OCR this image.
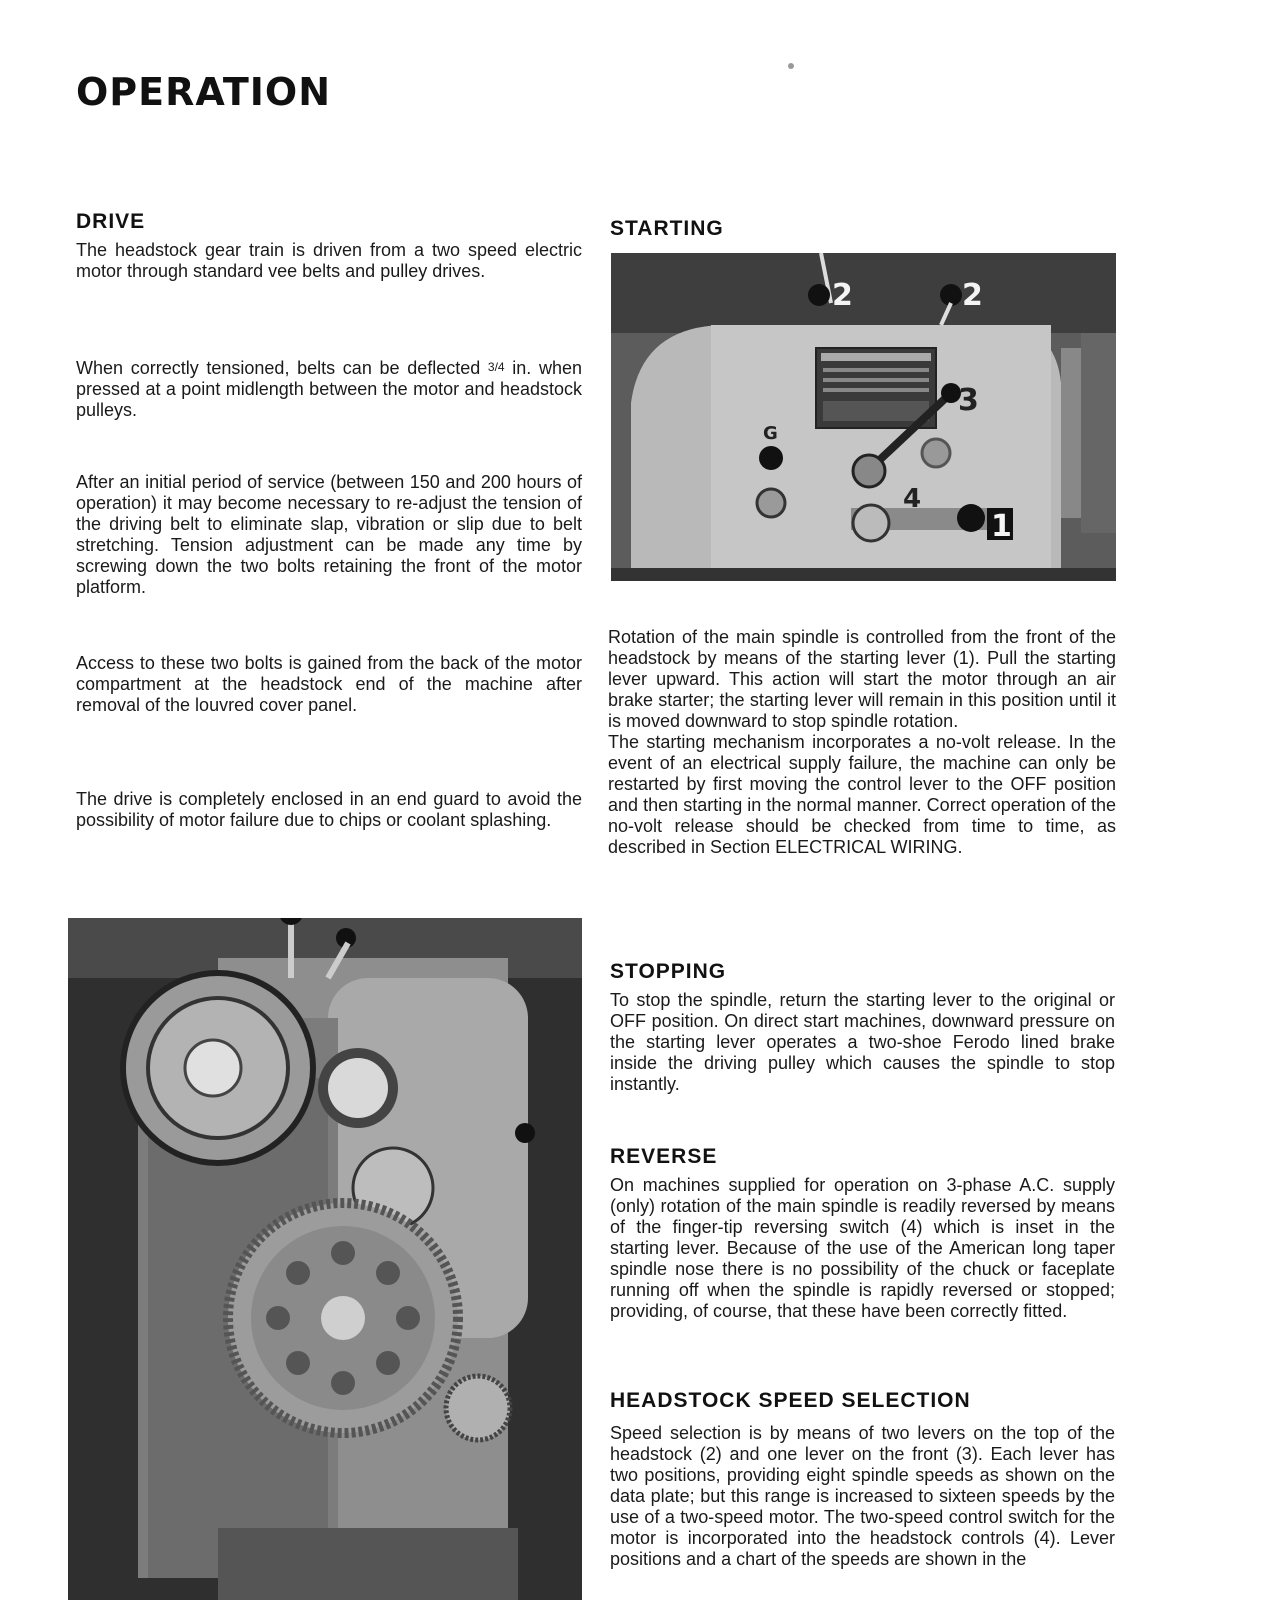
OPERATION
DRIVE

The headstock gear train is driven from a two speed electric motor through standard vee belts and pulley drives.

When correctly tensioned, belts can be deflected 3/4 in. when pressed at a point midlength between the motor and headstock pulleys.

After an initial period of service (between 150 and 200 hours of operation) it may become necessary to re-adjust the tension of the driving belt to eliminate slap, vibration or slip due to belt stretching. Tension adjustment can be made any time by screwing down the two bolts retaining the front of the motor platform.

Access to these two bolts is gained from the back of the motor compartment at the headstock end of the machine after removal of the louvred cover panel.

The drive is completely enclosed in an end guard to avoid the possibility of motor failure due to chips or coolant splashing.

STARTING
2	2
3
G
4
1

Rotation of the main spindle is controlled from the front of the headstock by means of the starting lever (1). Pull the starting lever upward. This action will start the motor through an air brake starter; the starting lever will remain in this position until it is moved downward to stop spindle rotation.

The starting mechanism incorporates a no-volt release. In the event of an electrical supply failure, the machine can only be restarted by first moving the control lever to the OFF position and then starting in the normal manner. Correct operation of the no-volt release should be checked from time to time, as described in Section ELECTRICAL WIRING.

STOPPING

To stop the spindle, return the starting lever to the original or OFF position. On direct start machines, downward pressure on the starting lever operates a two-shoe Ferodo lined brake inside the driving pulley which causes the spindle to stop instantly.

REVERSE

On machines supplied for operation on 3-phase A.C. supply (only) rotation of the main spindle is readily reversed by means of the finger-tip reversing switch (4) which is inset in the starting lever. Because of the use of the American long taper spindle nose there is no possibility of the chuck or faceplate running off when the spindle is rapidly reversed or stopped; providing, of course, that these have been correctly fitted.

HEADSTOCK SPEED SELECTION

Speed selection is by means of two levers on the top of the headstock (2) and one lever on the front (3). Each lever has two positions, providing eight spindle speeds as shown on the data plate; but this range is increased to sixteen speeds by the use of a two-speed motor. The two-speed control switch for the motor is incorporated into the headstock controls (4). Lever positions and a chart of the speeds are shown in the
